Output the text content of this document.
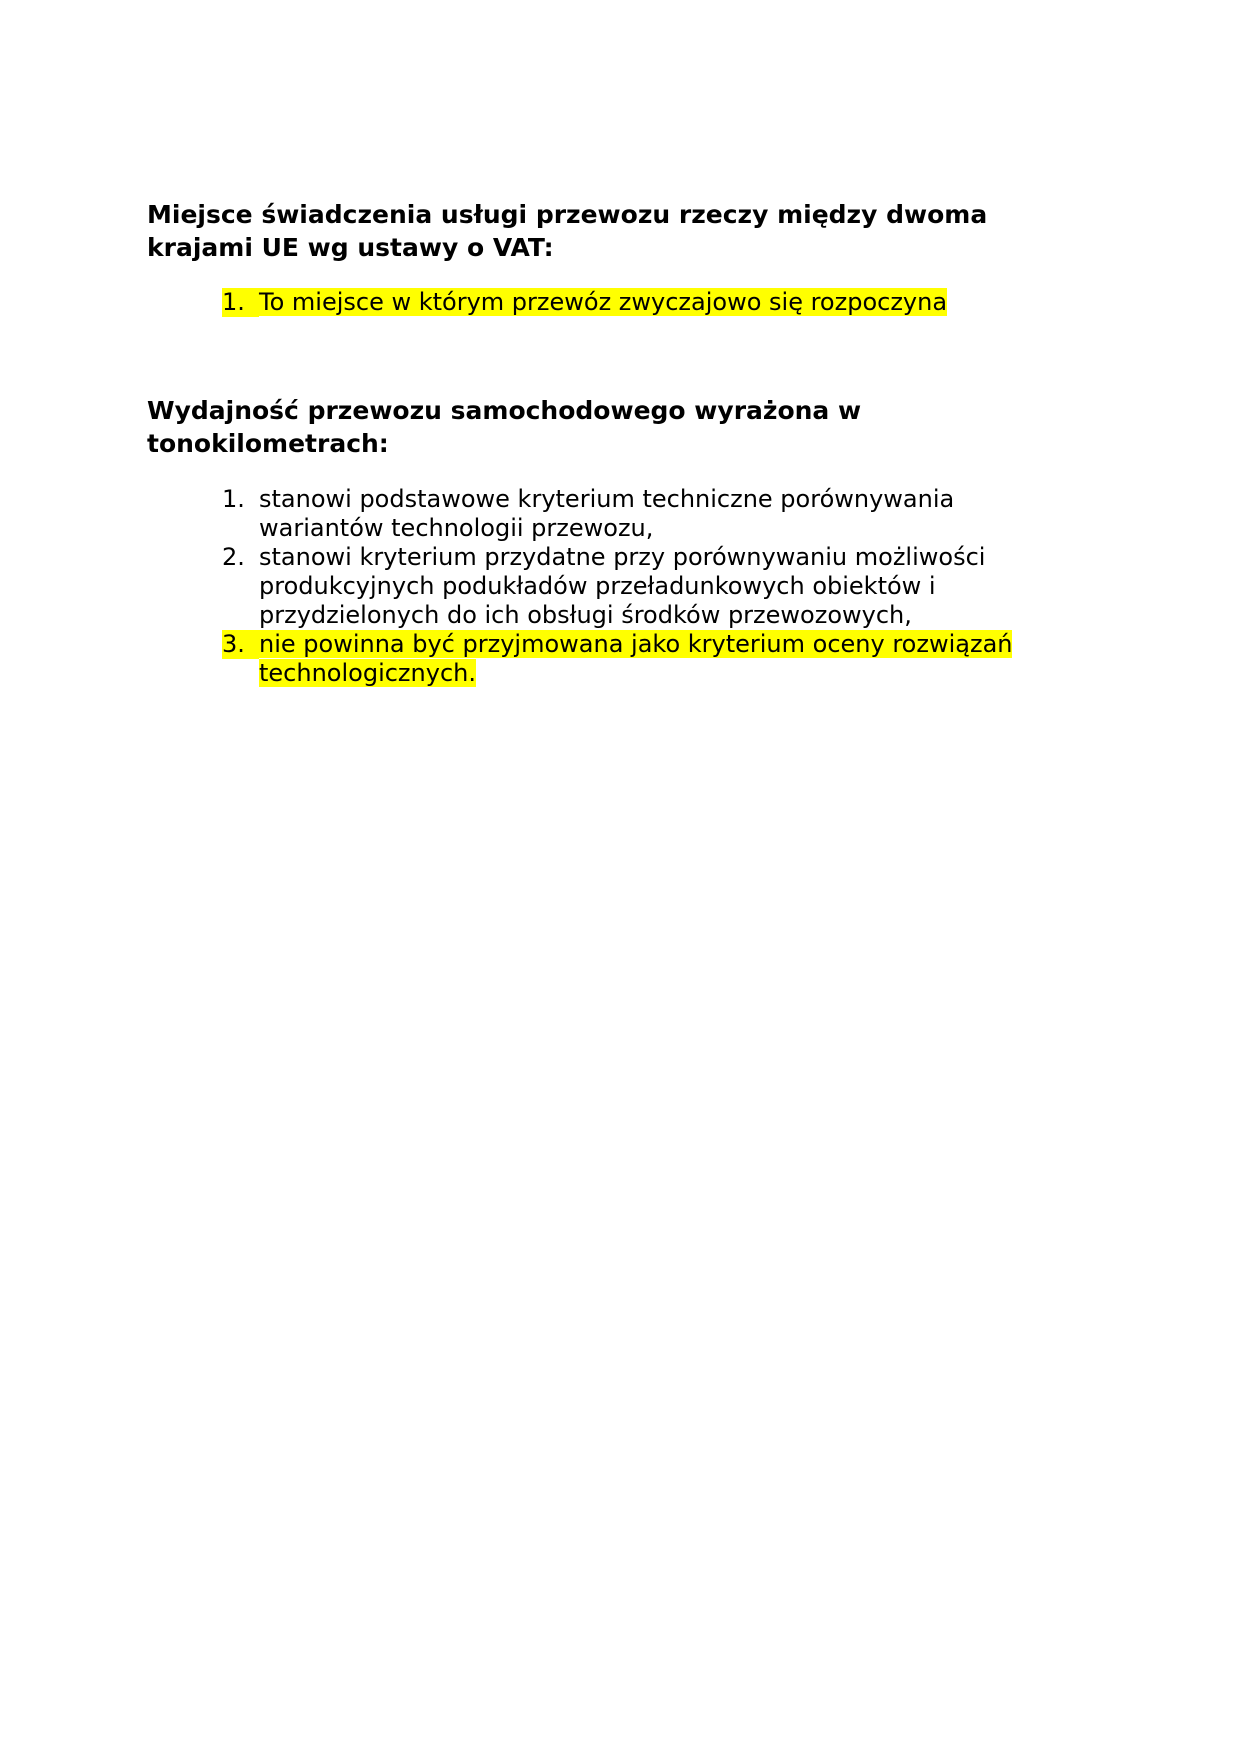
Miejsce świadczenia usługi przewozu rzeczy między dwoma krajami UE wg ustawy o VAT:

1. To miejsce w którym przewóz zwyczajowo się rozpoczyna

Wydajność przewozu samochodowego wyrażona w tonokilometrach:

1. stanowi podstawowe kryterium techniczne porównywania wariantów technologii przewozu,
2. stanowi kryterium przydatne przy porównywaniu możliwości produkcyjnych podukładów przeładunkowych obiektów i przydzielonych do ich obsługi środków przewozowych,
3. nie powinna być przyjmowana jako kryterium oceny rozwiązań technologicznych.
